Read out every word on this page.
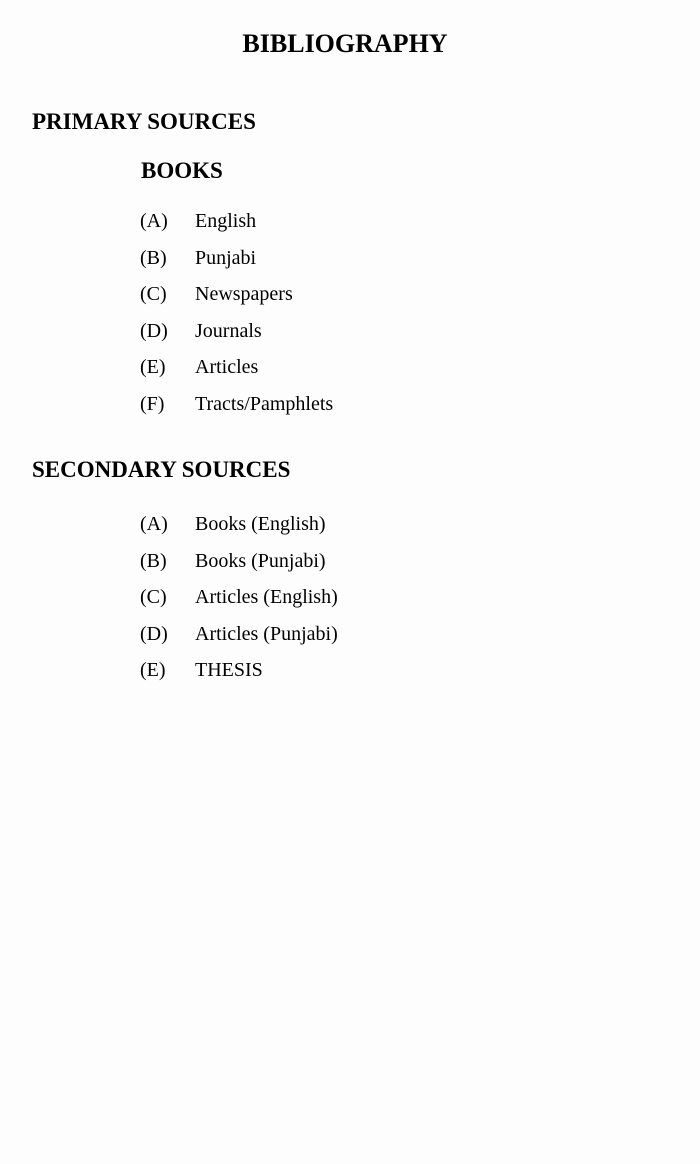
BIBLIOGRAPHY
PRIMARY SOURCES
BOOKS
(A) English
(B) Punjabi
(C) Newspapers
(D) Journals
(E) Articles
(F) Tracts/Pamphlets
SECONDARY SOURCES
(A) Books (English)
(B) Books (Punjabi)
(C) Articles (English)
(D) Articles (Punjabi)
(E) THESIS
